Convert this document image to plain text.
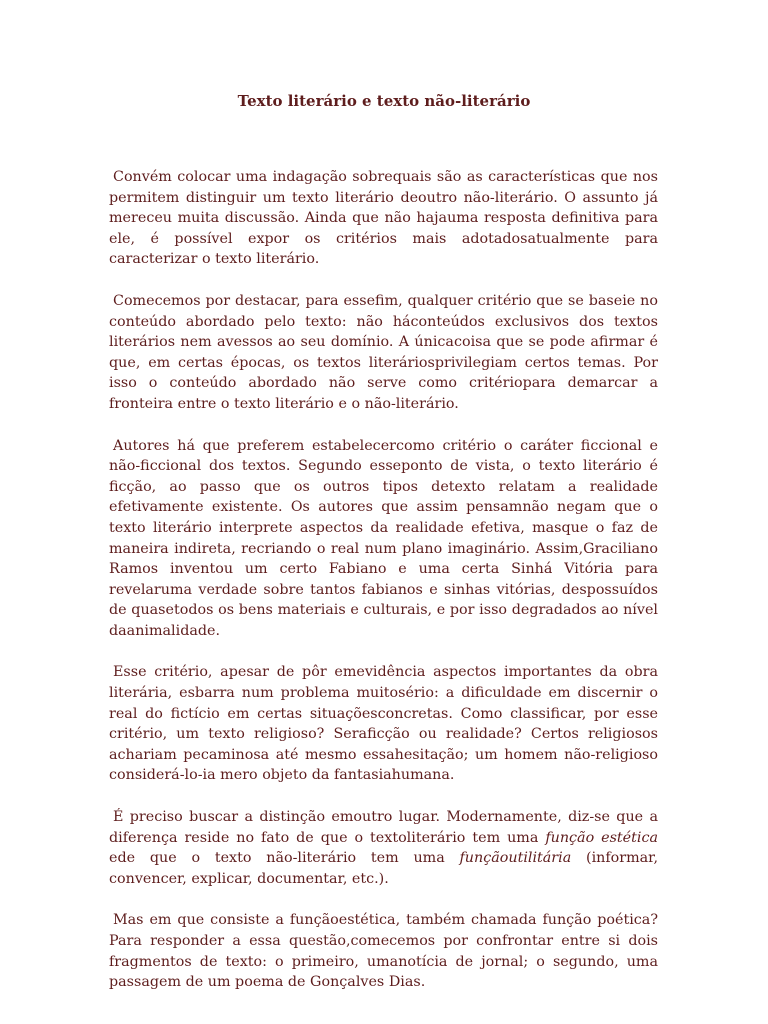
Texto literário e texto não-literário

Convém colocar uma indagação sobrequais são as características que nos permitem distinguir um texto literário deoutro não-literário. O assunto já mereceu muita discussão. Ainda que não hajauma resposta definitiva para ele, é possível expor os critérios mais adotadosatualmente para caracterizar o texto literário.

Comecemos por destacar, para essefim, qualquer critério que se baseie no conteúdo abordado pelo texto: não háconteúdos exclusivos dos textos literários nem avessos ao seu domínio. A únicacoisa que se pode afirmar é que, em certas épocas, os textos literáriosprivilegiam certos temas. Por isso o conteúdo abordado não serve como critériopara demarcar a fronteira entre o texto literário e o não-literário.

Autores há que preferem estabelecercomo critério o caráter ficcional e não-ficcional dos textos. Segundo esseponto de vista, o texto literário é ficção, ao passo que os outros tipos detexto relatam a realidade efetivamente existente. Os autores que assim pensamnão negam que o texto literário interprete aspectos da realidade efetiva, masque o faz de maneira indireta, recriando o real num plano imaginário. Assim,Graciliano Ramos inventou um certo Fabiano e uma certa Sinhá Vitória para revelaruma verdade sobre tantos fabianos e sinhas vitórias, despossuídos de quasetodos os bens materiais e culturais, e por isso degradados ao nível daanimalidade.

Esse critério, apesar de pôr emevidência aspectos importantes da obra literária, esbarra num problema muitosério: a dificuldade em discernir o real do fictício em certas situaçõesconcretas. Como classificar, por esse critério, um texto religioso? Seraficção ou realidade? Certos religiosos achariam pecaminosa até mesmo essahesitação; um homem não-religioso considerá-lo-ia mero objeto da fantasiahumana.

É preciso buscar a distinção emoutro lugar. Modernamente, diz-se que a diferença reside no fato de que o textoliterário tem uma função estética ede que o texto não-literário tem uma funçãoutilitária (informar, convencer, explicar, documentar, etc.).

Mas em que consiste a funçãoestética, também chamada função poética? Para responder a essa questão,comecemos por confrontar entre si dois fragmentos de texto: o primeiro, umanotícia de jornal; o segundo, uma passagem de um poema de Gonçalves Dias.
